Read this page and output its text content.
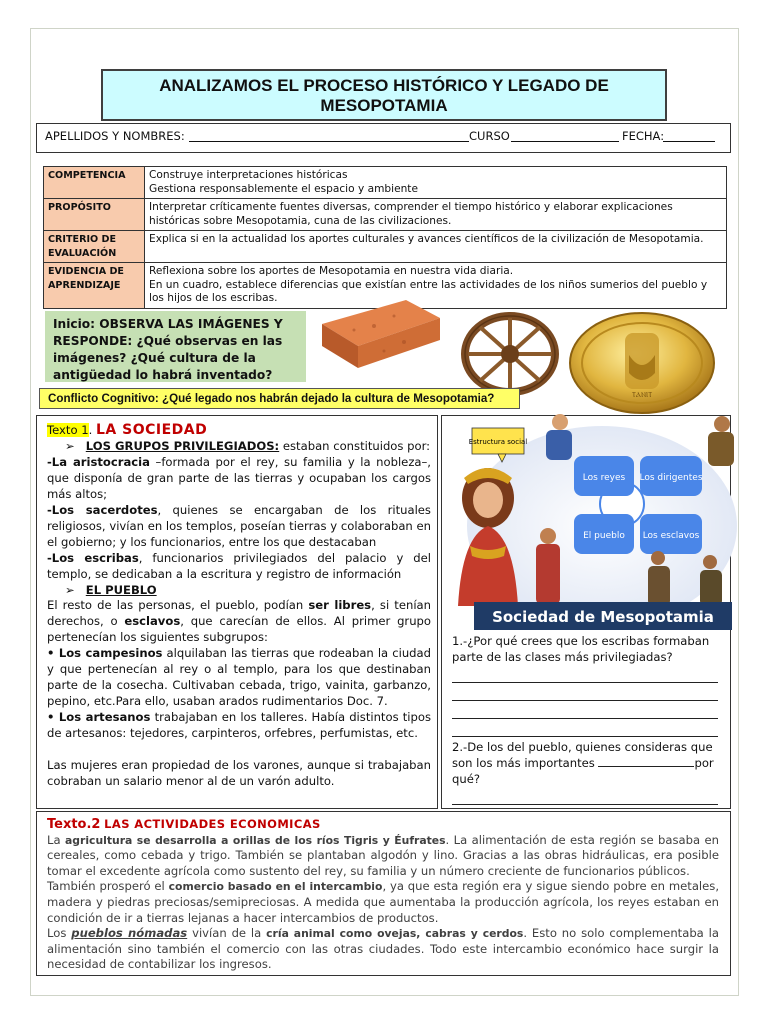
ANALIZAMOS EL PROCESO HISTÓRICO Y LEGADO DE MESOPOTAMIA
APELLIDOS Y NOMBRES:	CURSO	FECHA:
COMPETENCIA	Construye interpretaciones históricas
Gestiona responsablemente el espacio y ambiente

PROPÓSITO	Interpretar críticamente fuentes diversas, comprender el tiempo histórico y elaborar explicaciones históricas sobre Mesopotamia, cuna de las civilizaciones.
CRITERIO DE EVALUACIÓN	Explica si en la actualidad los aportes culturales y avances científicos de la civilización de Mesopotamia.
EVIDENCIA DE APRENDIZAJE	Reflexiona sobre los aportes de Mesopotamia en nuestra vida diaria.
En un cuadro, establece diferencias que existían entre las actividades de los niños sumerios del pueblo y los hijos de los escribas.
Inicio: OBSERVA LAS IMÁGENES Y RESPONDE: ¿Qué observas en las imágenes? ¿Qué cultura de la antigüedad lo habrá inventado?
ⲦⲀⲚⲒⲦ
Conflicto Cognitivo: ¿Qué legado nos habrán dejado la cultura de Mesopotamia?

Texto 1. LA SOCIEDAD

➢ LOS GRUPOS PRIVILEGIADOS: estaban constituidos por:

-La aristocracia –formada por el rey, su familia y la nobleza–, que disponía de gran parte de las tierras y ocupaban los cargos más altos;

-Los sacerdotes, quienes se encargaban de los rituales religiosos, vivían en los templos, poseían tierras y colaboraban en el gobierno; y los funcionarios, entre los que destacaban

-Los escribas, funcionarios privilegiados del palacio y del templo, se dedicaban a la escritura y registro de información

➢ EL PUEBLO

El resto de las personas, el pueblo, podían ser libres, si tenían derechos, o esclavos, que carecían de ellos. Al primer grupo pertenecían los siguientes subgrupos:

• Los campesinos alquilaban las tierras que rodeaban la ciudad y que pertenecían al rey o al templo, para los que destinaban parte de la cosecha. Cultivaban cebada, trigo, vainita, garbanzo, pepino, etc.Para ello, usaban arados rudimentarios Doc. 7.

• Los artesanos trabajaban en los talleres. Había distintos tipos de artesanos: tejedores, carpinteros, orfebres, perfumistas, etc.

Las mujeres eran propiedad de los varones, aunque si trabajaban cobraban un salario menor al de un varón adulto.

Los reyes Los dirigentes
El pueblo Los esclavos
Estructura social
Sociedad de Mesopotamia

1.-¿Por qué crees que los escribas formaban parte de las clases más privilegiadas?

2.-De los del pueblo, quienes consideras que son los más importantes	por qué?

Texto.2 LAS ACTIVIDADES ECONOMICAS

La agricultura se desarrolla a orillas de los ríos Tigris y Éufrates. La alimentación de esta región se basaba en cereales, como cebada y trigo. También se plantaban algodón y lino. Gracias a las obras hidráulicas, era posible tomar el excedente agrícola como sustento del rey, su familia y un número creciente de funcionarios públicos.

También prosperó el comercio basado en el intercambio, ya que esta región era y sigue siendo pobre en metales, madera y piedras preciosas/semipreciosas. A medida que aumentaba la producción agrícola, los reyes estaban en condición de ir a tierras lejanas a hacer intercambios de productos.

Los pueblos nómadas vivían de la cría animal como ovejas, cabras y cerdos. Esto no solo complementaba la alimentación sino también el comercio con las otras ciudades. Todo este intercambio económico hace surgir la necesidad de contabilizar los ingresos.
